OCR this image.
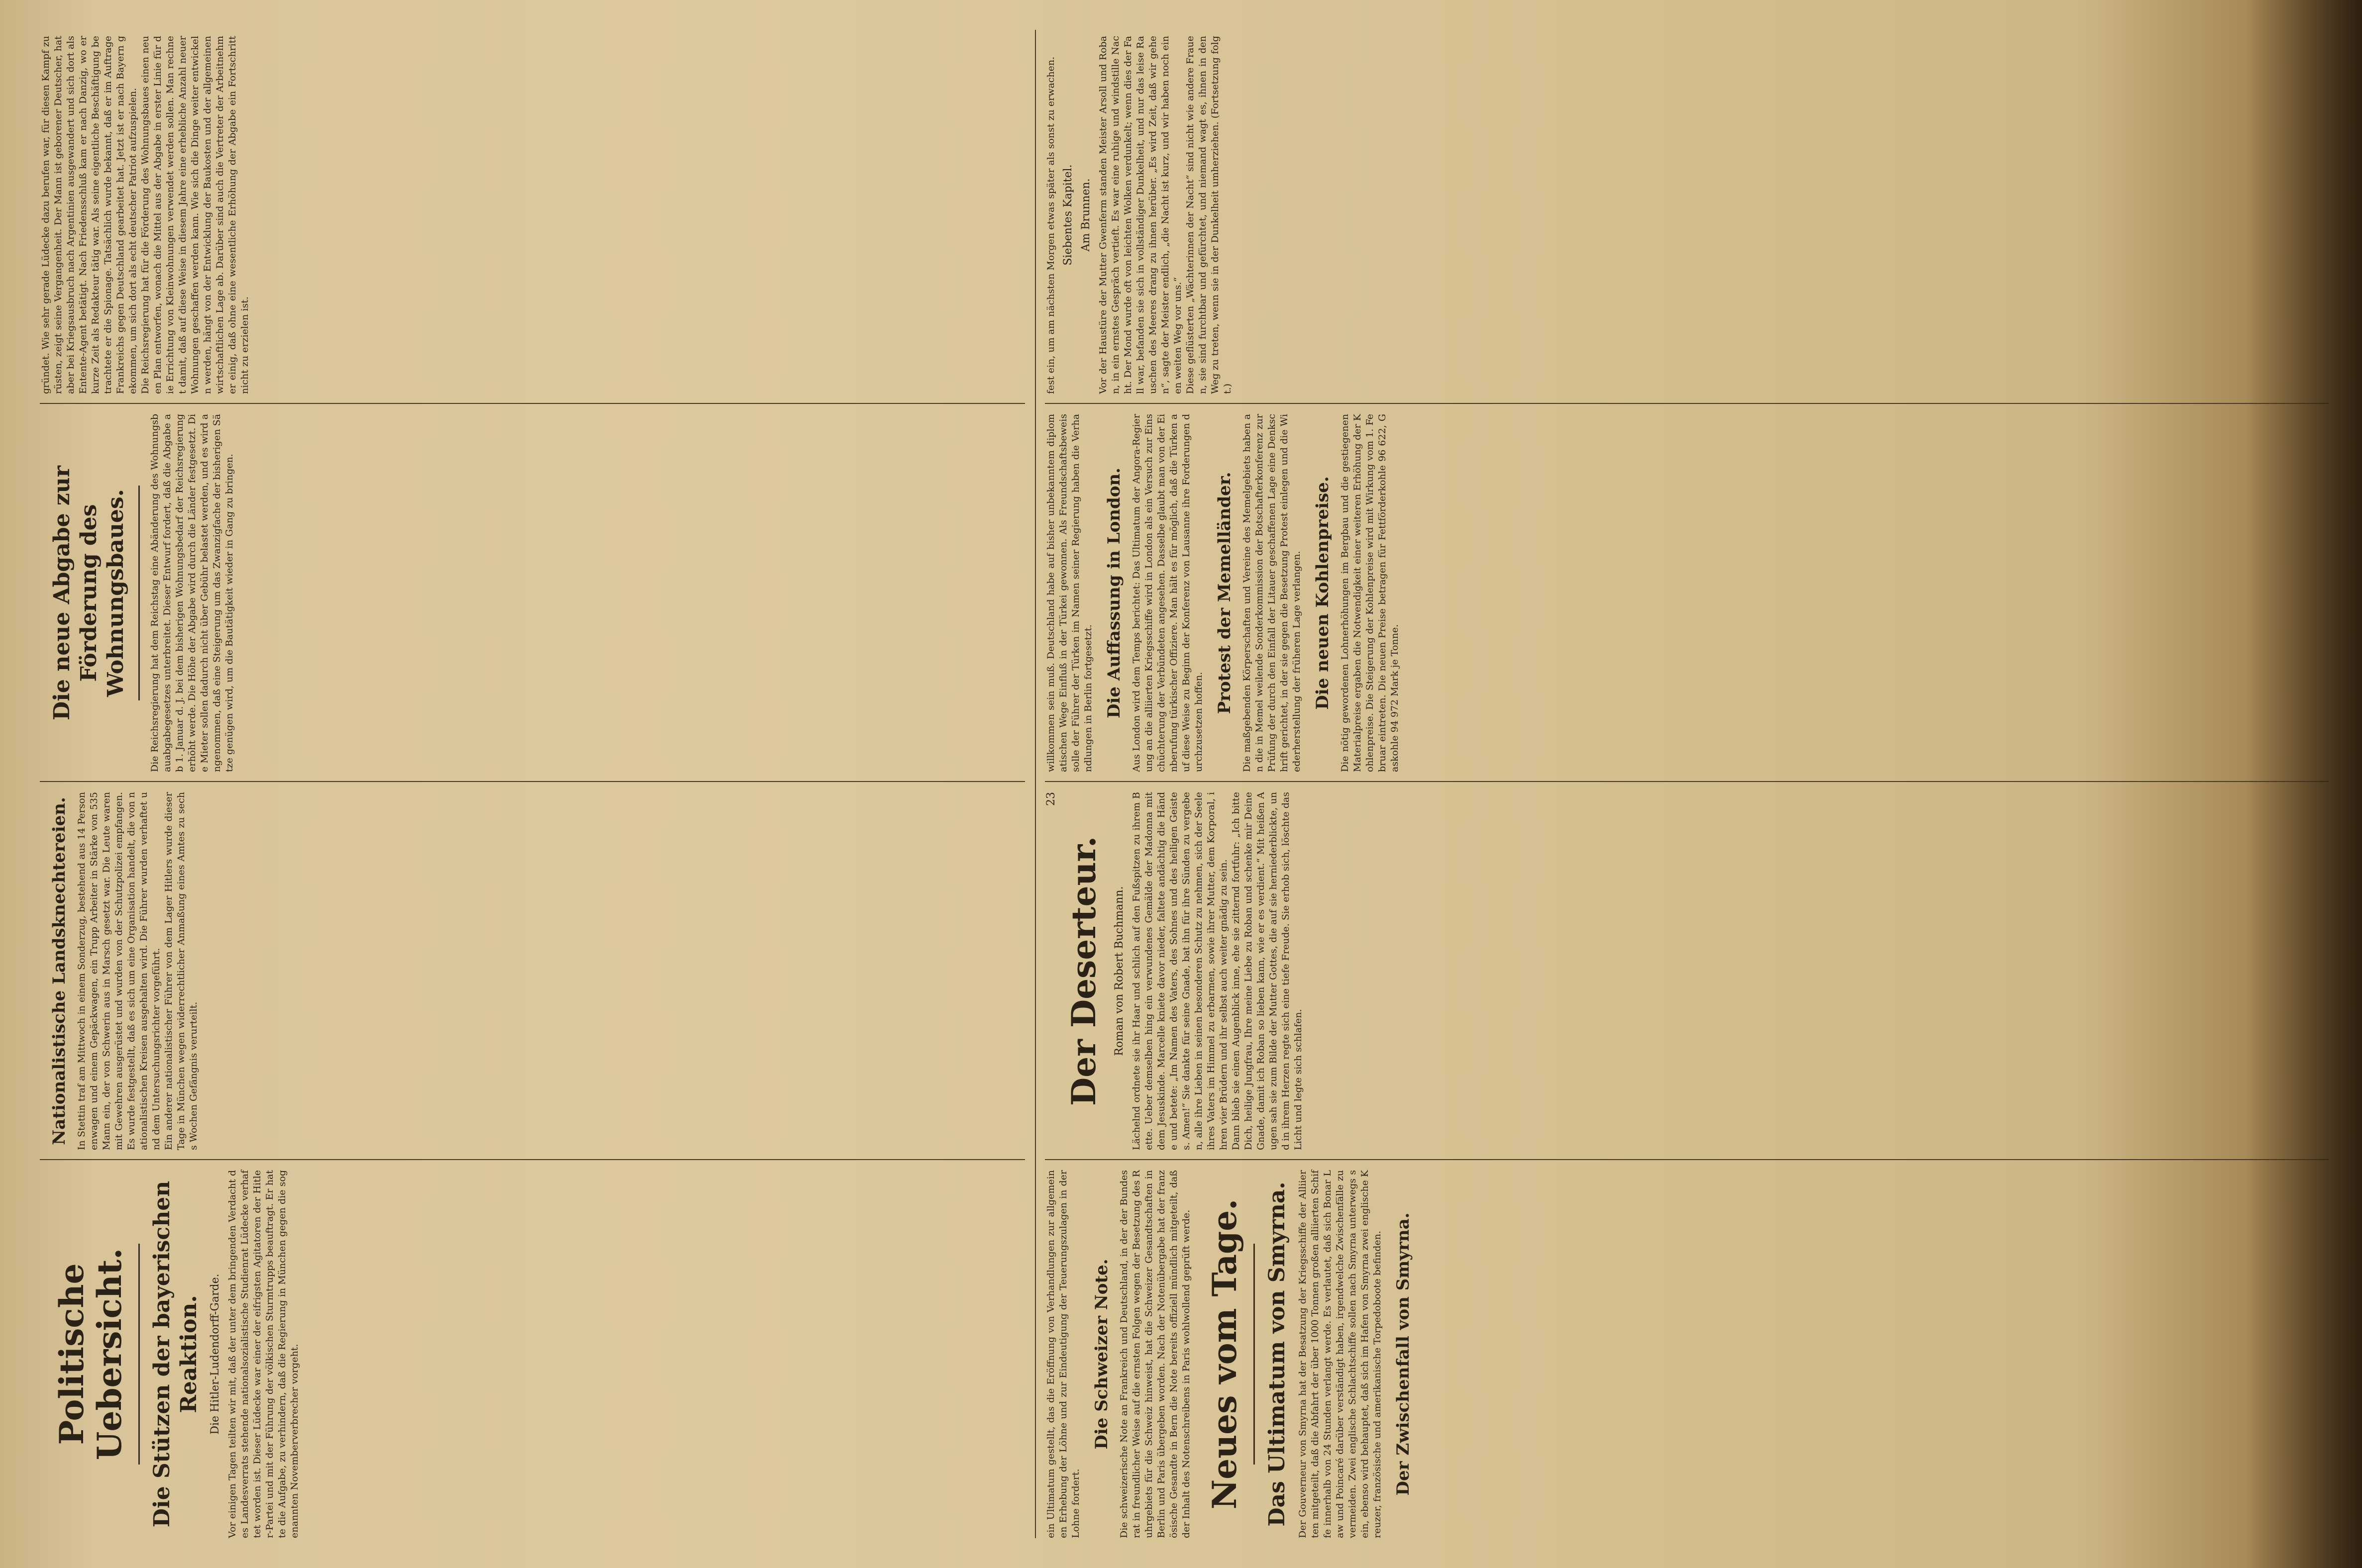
ein Ultimatum gestellt, das die Eröffnung von Verhandlungen zur allgemeinen Erhebung der Löhne und zur Eindeutigung der Teuerungszulagen in der Lohne fordert.
Die Schweizer Note. Die schweizerische Note an Frankreich und Deutschland, in der der Bundesrat in freundlicher Weise auf die ernsten Folgen wegen der Besetzung des Ruhrgebiets für die Schweiz hinweist, hat die Schweizer Gesandtschaften in Berlin und Paris übergeben worden. Nach der Notenübergabe hat der französische Gesandte in Bern die Note bereits offiziell mündlich mitgeteilt, daß der Inhalt des Notenschreibens in Paris wohlwollend geprüft werde. Neues vom Tage. Das Ultimatum von Smyrna. Der Gouverneur von Smyrna hat der Besatzung der Kriegsschiffe der Alliierten mitgeteilt, daß die Abfahrt der über 1000 Tonnen großen alliierten Schiffe innerhalb von 24 Stunden verlangt werde. Es verlautet, daß sich Bonar Law und Poincaré darüber verständigt haben, irgendwelche Zwischenfälle zu vermeiden. Zwei englische Schlachtschiffe sollen nach Smyrna unterwegs sein, ebenso wird behauptet, daß sich im Hafen von Smyrna zwei englische Kreuzer, französische und amerikanische Torpedoboote befinden. Der Zwischenfall von Smyrna.
23
Der Deserteur. Roman von Robert Buchmann. Lächelnd ordnete sie ihr Haar und schlich auf den Fußspitzen zu ihrem Bette. Ueber demselben hing ein verwundenes Gemälde der Madonna mit dem Jesuskinde. Marcelle kniete davor nieder, faltete andächtig die Hände und betete: „Im Namen des Vaters, des Sohnes und des heiligen Geistes. Amen!“ Sie dankte für seine Gnade, bat ihn für ihre Sünden zu vergeben, alle ihre Lieben in seinen besonderen Schutz zu nehmen, sich der Seele ihres Vaters im Himmel zu erbarmen, sowie ihrer Mutter, dem Korporal, ihren vier Brüdern und ihr selbst auch weiter gnädig zu sein. Dann blieb sie einen Augenblick inne, ehe sie zitternd fortfuhr: „Ich bitte Dich, heilige Jungfrau, Ihre meine Liebe zu Roban und schenke mir Deine Gnade, damit ich Roban so lieben kann, wie er es verdient.“ Mit heißen Augen sah sie zum Bilde der Mutter Gottes, die auf sie herniederblickte, und in ihrem Herzen regte sich eine tiefe Freude. Sie erhob sich, löschte das Licht und legte sich schlafen.
willkommen sein muß. Deutschland habe auf bisher unbekanntem diplomatischen Wege Einfluß in der Türkei gewonnen. Als Freundschaftsbeweis solle der Führer der Türken im Namen seiner Regierung haben die Verhandlungen in Berlin fortgesetzt. Die Auffassung in London. Aus London wird dem Temps berichtet: Das Ultimatum der Angora-Regierung an die alliierten Kriegsschiffe wird in London als ein Versuch zur Einschüchterung der Verbündeten angesehen. Dasselbe glaubt man von der Einberufung türkischer Offiziere. Man hält es für möglich, daß die Türken auf diese Weise zu Beginn der Konferenz von Lausanne ihre Forderungen durchzusetzen hoffen.
Protest der Memelländer. Die maßgebenden Körperschaften und Vereine des Memelgebiets haben an die in Memel weilende Sonderkommission der Botschafterkonferenz zur Prüfung der durch den Einfall der Litauer geschaffenen Lage eine Denkschrift gerichtet, in der sie gegen die Besetzung Protest einlegen und die Wiederherstellung der früheren Lage verlangen. Die neuen Kohlenpreise. Die nötig gewordenen Lohnerhöhungen im Bergbau und die gestiegenen Materialpreise ergaben die Notwendigkeit einer weiteren Erhöhung der Kohlenpreise. Die Steigerung der Kohlenpreise wird mit Wirkung vom 1. Februar eintreten. Die neuen Preise betragen für Fettförderkohle 96 622, Gaskohle 94 972 Mark je Tonne.
fest ein, um am nächsten Morgen etwas später als sonst zu erwachen. Siebentes Kapitel. Am Brunnen. Vor der Haustüre der Mutter Gwenferm standen Meister Arsoll und Roban, in ein ernstes Gespräch vertieft. Es war eine ruhige und windstille Nacht. Der Mond wurde oft von leichten Wolken verdunkelt; wenn dies der Fall war, befanden sie sich in vollständiger Dunkelheit, und nur das leise Rauschen des Meeres drang zu ihnen herüber. „Es wird Zeit, daß wir gehen“, sagte der Meister endlich, „die Nacht ist kurz, und wir haben noch einen weiten Weg vor uns.“ Diese geflüsterten „Wächterinnen der Nacht“ sind nicht wie andere Frauen, sie sind furchtbar und gefürchtet, und niemand wagt es, ihnen in den Weg zu treten, wenn sie in der Dunkelheit umherziehen. (Fortsetzung folgt.)
Politische Uebersicht. Die Stützen der bayerischen Reaktion. Die Hitler-Ludendorff-Garde. Vor einigen Tagen teilten wir mit, daß der unter dem bringenden Verdacht des Landesverrats stehende nationalsozialistische Studienrat Lüdecke verhaftet worden ist. Dieser Lüdecke war einer der eifrigsten Agitatoren der Hitler-Partei und mit der Führung der völkischen Sturmtrupps beauftragt. Er hatte die Aufgabe, zu verhindern, daß die Regierung in München gegen die sogenannten Novemberverbrecher vorgeht.
Nationalistische Landsknechtereien. In Stettin traf am Mittwoch in einem Sonderzug, bestehend aus 14 Personenwagen und einem Gepäckwagen, ein Trupp Arbeiter in Stärke von 535 Mann ein, der von Schwerin aus in Marsch gesetzt war. Die Leute waren mit Gewehren ausgerüstet und wurden von der Schutzpolizei empfangen. Es wurde festgestellt, daß es sich um eine Organisation handelt, die von nationalistischen Kreisen ausgehalten wird. Die Führer wurden verhaftet und dem Untersuchungsrichter vorgeführt. Ein anderer nationalistischer Führer von dem Lager Hitlers wurde dieser Tage in München wegen widerrechtlicher Anmaßung eines Amtes zu sechs Wochen Gefängnis verurteilt.
Die neue Abgabe zur Förderung des Wohnungsbaues. Die Reichsregierung hat dem Reichstag eine Abänderung des Wohnungsbauabgabegesetzes unterbreitet. Dieser Entwurf fordert, daß die Abgabe ab 1. Januar d. J. bei dem bisherigen Wohnungsbedarf der Reichsregierung erhöht werde. Die Höhe der Abgabe wird durch die Länder festgesetzt. Die Mieter sollen dadurch nicht über Gebühr belastet werden, und es wird angenommen, daß eine Steigerung um das Zwanzigfache der bisherigen Sätze genügen wird, um die Bautätigkeit wieder in Gang zu bringen.
gründet. Wie sehr gerade Lüdecke dazu berufen war, für diesen Kampf zu rüsten, zeigt seine Vergangenheit. Der Mann ist geborener Deutscher, hat aber bei Kriegsausbruch nach Argentinien ausgewandert und sich dort als Entente-Agent betätigt. Nach Friedensschluß kam er nach Danzig, wo er kurze Zeit als Redakteur tätig war. Als seine eigentliche Beschäftigung betrachtete er die Spionage. Tatsächlich wurde bekannt, daß er im Auftrage Frankreichs gegen Deutschland gearbeitet hat. Jetzt ist er nach Bayern gekommen, um sich dort als echt deutscher Patriot aufzuspielen. Die Reichsregierung hat für die Förderung des Wohnungsbaues einen neuen Plan entworfen, wonach die Mittel aus der Abgabe in erster Linie für die Errichtung von Kleinwohnungen verwendet werden sollen. Man rechnet damit, daß auf diese Weise in diesem Jahre eine erhebliche Anzahl neuer Wohnungen geschaffen werden kann. Wie sich die Dinge weiter entwickeln werden, hängt von der Entwicklung der Baukosten und der allgemeinen wirtschaftlichen Lage ab. Darüber sind auch die Vertreter der Arbeitnehmer einig, daß ohne eine wesentliche Erhöhung der Abgabe ein Fortschritt nicht zu erzielen ist.
